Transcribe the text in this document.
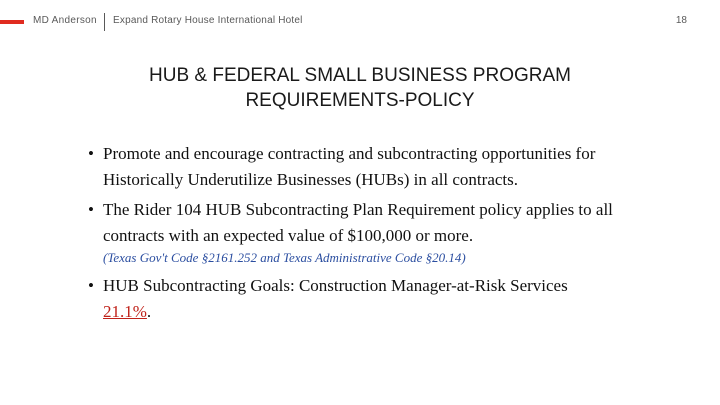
MD Anderson Expand Rotary House International Hotel	18
HUB & FEDERAL SMALL BUSINESS PROGRAM
REQUIREMENTS-POLICY
• Promote and encourage contracting and subcontracting opportunities for Historically Underutilize Businesses (HUBs) in all contracts.
• The Rider 104 HUB Subcontracting Plan Requirement policy applies to all contracts with an expected value of $100,000 or more.
(Texas Gov't Code §2161.252 and Texas Administrative Code §20.14)
• HUB Subcontracting Goals: Construction Manager-at-Risk Services
21.1%.
